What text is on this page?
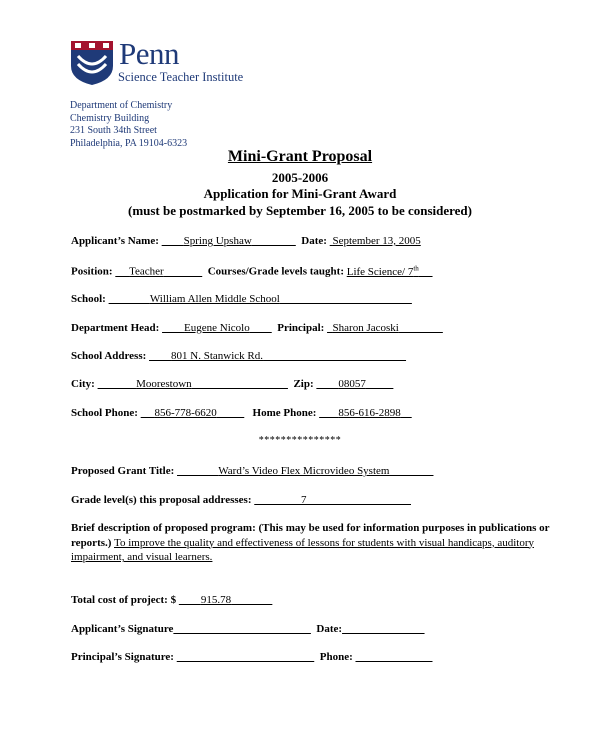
Penn
Science Teacher Institute
Department of Chemistry
Chemistry Building
231 South 34th Street
Philadelphia, PA 19104-6323
Mini-Grant Proposal
2005-2006
Application for Mini-Grant Award
(must be postmarked by September 16, 2005 to be considered)
Applicant’s Name: Spring Upshaw	Date: September 13, 2005
Position: Teacher	Courses/Grade levels taught: Life Science/ 7th
School:	William Allen Middle School
Department Head: Eugene Nicolo	Principal: Sharon Jacoski
School Address: 801 N. Stanwick Rd.
City:	Moorestown	Zip: 08057
School Phone: 856-778-6620	Home Phone: 856-616-2898
***************
Proposed Grant Title:	Ward’s Video Flex Microvideo System
Grade level(s) this proposal addresses:	7
Brief description of proposed program: (This may be used for information purposes in publications or reports.) To improve the quality and effectiveness of lessons for students with visual handicaps, auditory impairment, and visual learners.
Total cost of project: $ 915.78
Applicant’s Signature	Date:
Principal’s Signature:	Phone:
